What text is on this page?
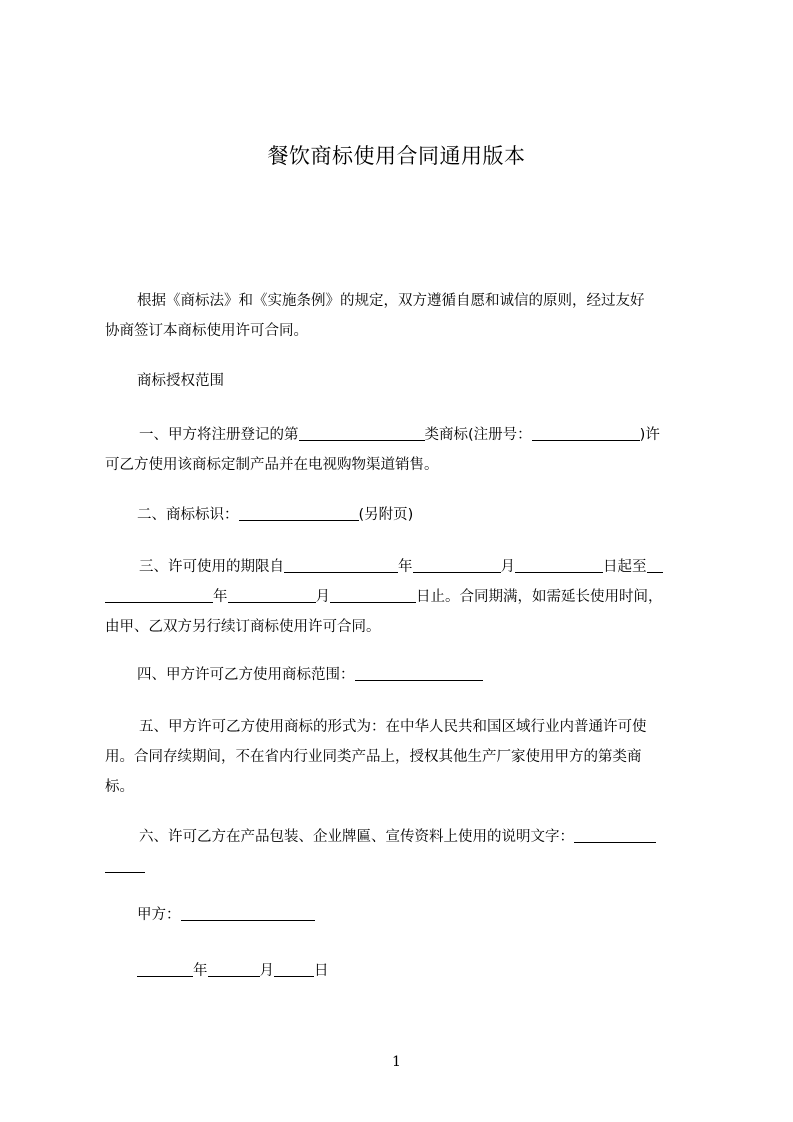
餐饮商标使用合同通用版本
根据《商标法》和《实施条例》的规定，双方遵循自愿和诚信的原则，经过友好
协商签订本商标使用许可合同。
商标授权范围
一、甲方将注册登记的第	类商标(注册号：	)许
可乙方使用该商标定制产品并在电视购物渠道销售。
二、商标标识：	(另附页)
三、许可使用的期限自	年	月	日起至
年	月	日止。合同期满，如需延长使用时间，
由甲、乙双方另行续订商标使用许可合同。
四、甲方许可乙方使用商标范围：
五、甲方许可乙方使用商标的形式为：在中华人民共和国区域行业内普通许可使
用。合同存续期间，不在省内行业同类产品上，授权其他生产厂家使用甲方的第类商
标。
六、许可乙方在产品包装、企业牌匾、宣传资料上使用的说明文字：
甲方：
年	月	日
1
